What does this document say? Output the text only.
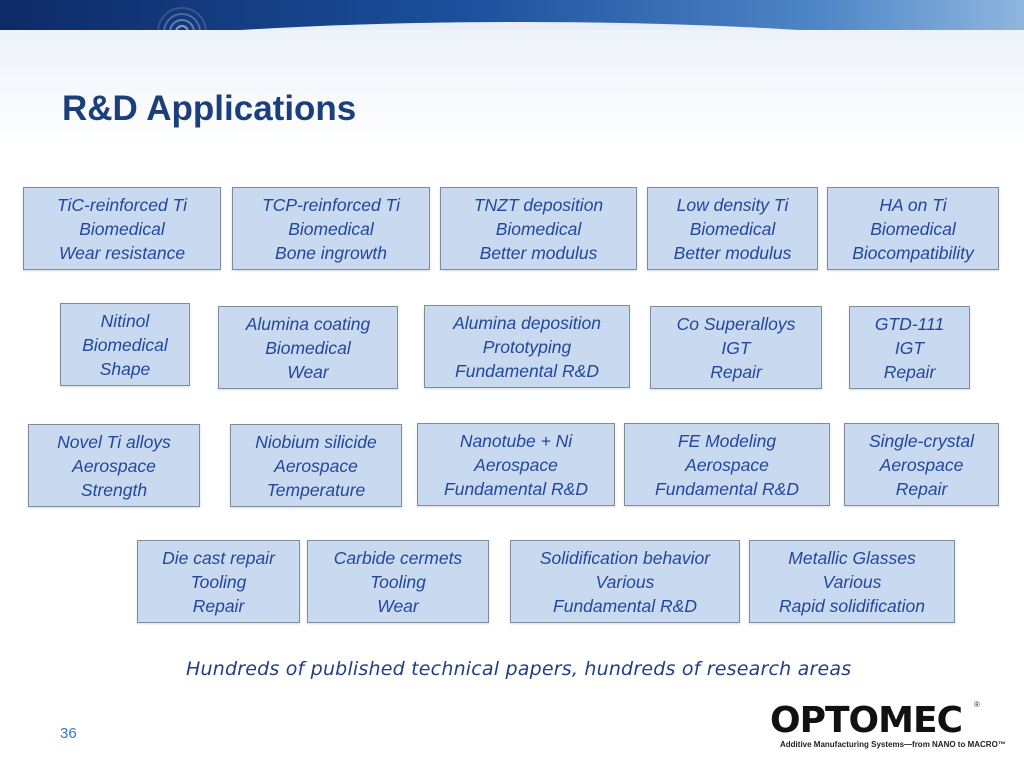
R&D Applications
TiC-reinforced Ti
Biomedical
Wear resistance
TCP-reinforced Ti
Biomedical
Bone ingrowth
TNZT deposition
Biomedical
Better modulus
Low density Ti
Biomedical
Better modulus
HA on Ti
Biomedical
Biocompatibility
Nitinol
Biomedical
Shape
Alumina coating
Biomedical
Wear
Alumina deposition
Prototyping
Fundamental R&D
Co Superalloys
IGT
Repair
GTD-111
IGT
Repair
Novel Ti alloys
Aerospace
Strength
Niobium silicide
Aerospace
Temperature
Nanotube + Ni
Aerospace
Fundamental R&D
FE Modeling
Aerospace
Fundamental R&D
Single-crystal
Aerospace
Repair
Die cast repair
Tooling
Repair
Carbide cermets
Tooling
Wear
Solidification behavior
Various
Fundamental R&D
Metallic Glasses
Various
Rapid solidification
Hundreds of published technical papers, hundreds of research areas
36	OPTOMEC ®
Additive Manufacturing Systems—from NANO to MACRO™
